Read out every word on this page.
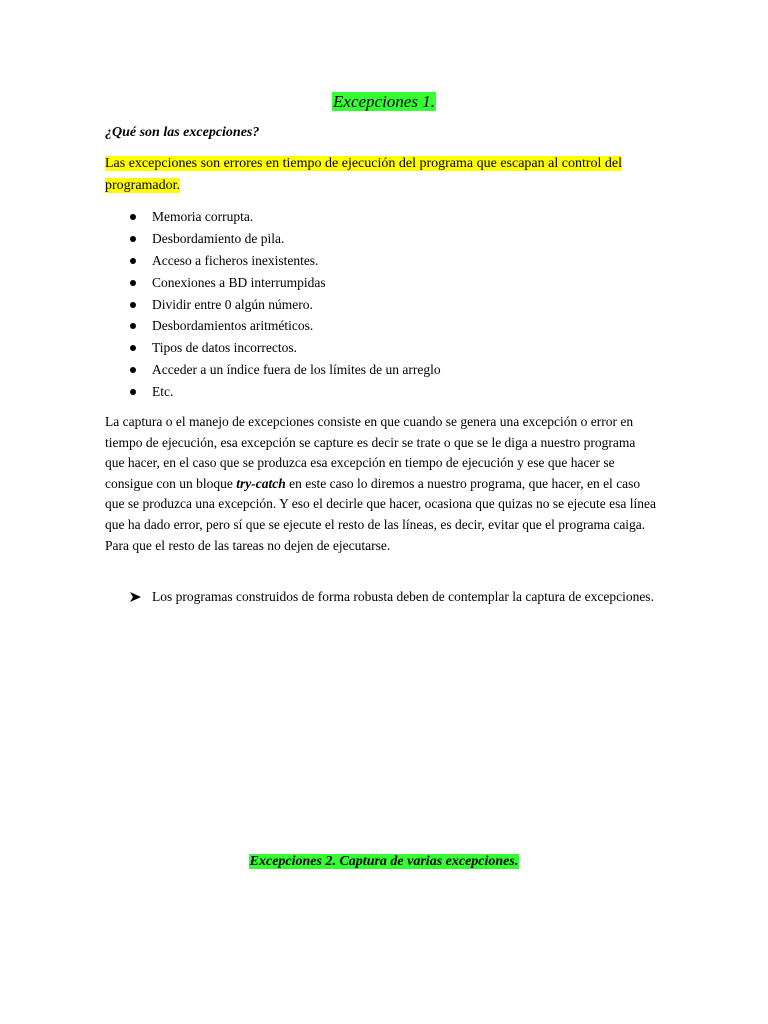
Excepciones 1.
¿Qué son las excepciones?
Las excepciones son errores en tiempo de ejecución del programa que escapan al control del programador.
Memoria corrupta.
Desbordamiento de pila.
Acceso a ficheros inexistentes.
Conexiones a BD interrumpidas
Dividir entre 0 algún número.
Desbordamientos aritméticos.
Tipos de datos incorrectos.
Acceder a un índice fuera de los límites de un arreglo
Etc.
La captura o el manejo de excepciones consiste en que cuando se genera una excepción o error en tiempo de ejecución, esa excepción se capture es decir se trate o que se le diga a nuestro programa que hacer, en el caso que se produzca esa excepción en tiempo de ejecución y ese que hacer se consigue con un bloque try-catch en este caso lo diremos a nuestro programa, que hacer, en el caso que se produzca una excepción. Y eso el decirle que hacer, ocasiona que quizas no se ejecute esa línea que ha dado error, pero sí que se ejecute el resto de las líneas, es decir, evitar que el programa caiga. Para que el resto de las tareas no dejen de ejecutarse.
Los programas construidos de forma robusta deben de contemplar la captura de excepciones.
Excepciones 2. Captura de varias excepciones.
